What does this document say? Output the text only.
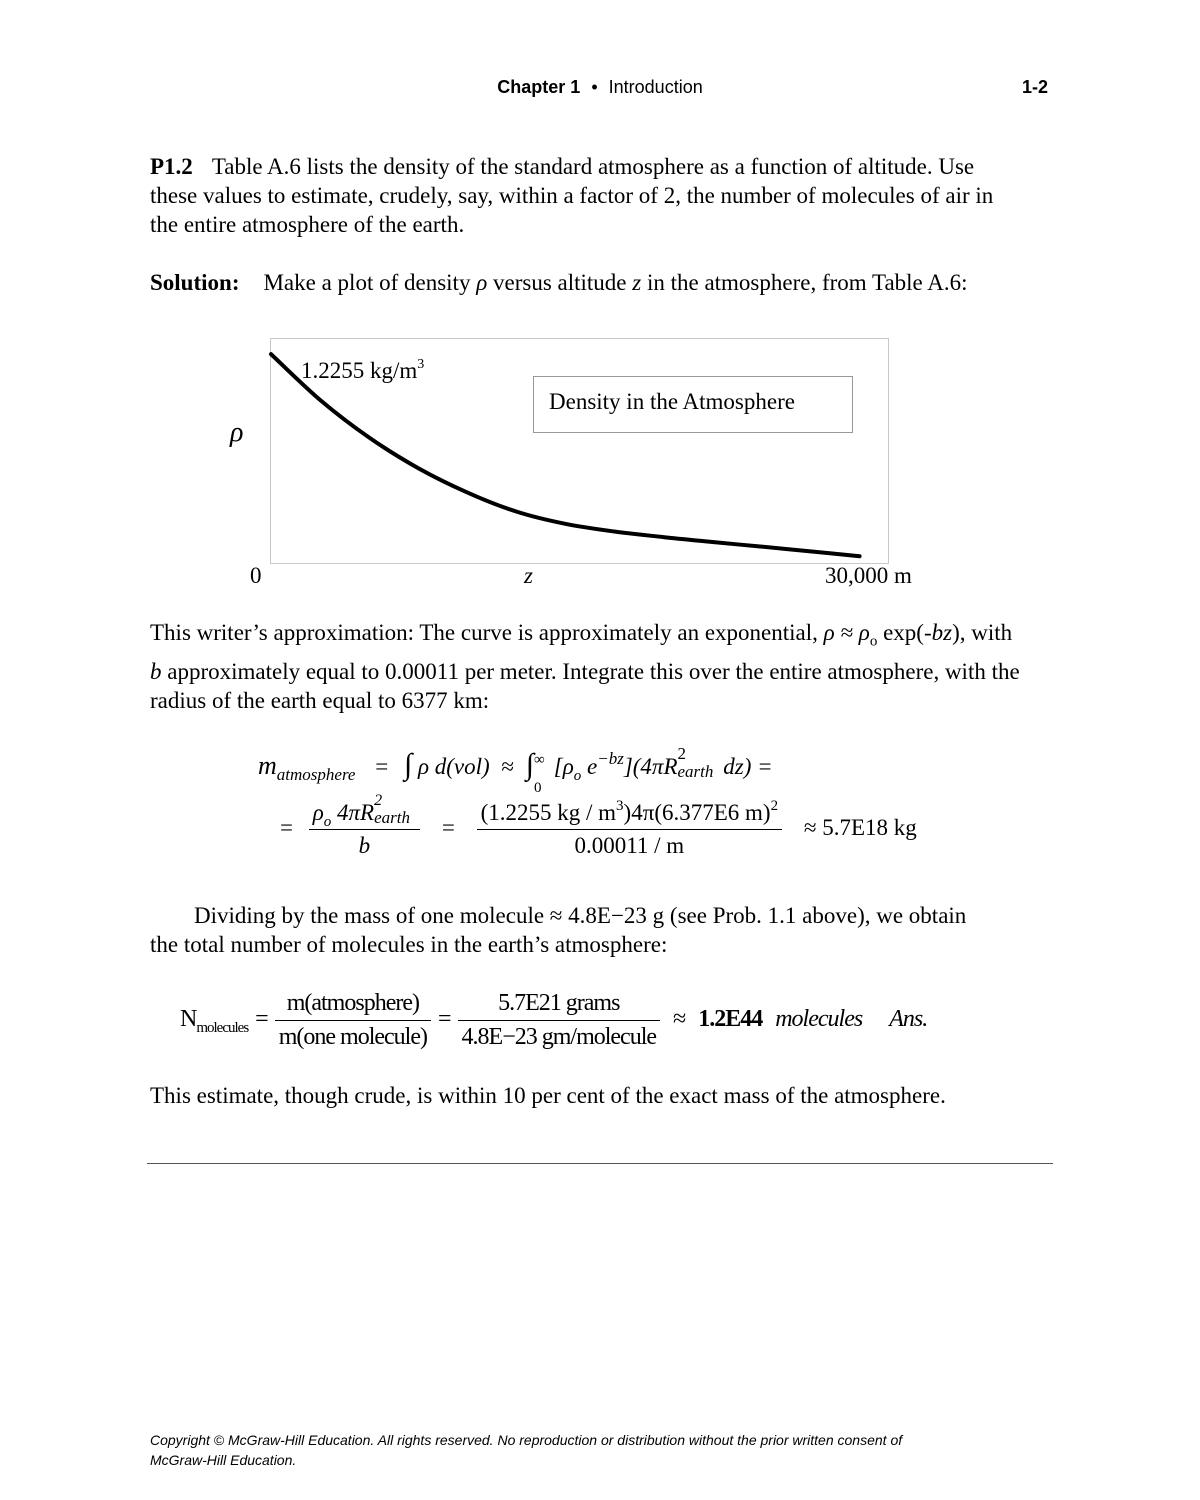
Chapter 1 • Introduction	1-2
P1.2 Table A.6 lists the density of the standard atmosphere as a function of altitude. Use
these values to estimate, crudely, say, within a factor of 2, the number of molecules of air in
the entire atmosphere of the earth.
Solution: Make a plot of density ρ versus altitude z in the atmosphere, from Table A.6:
Density in the Atmosphere
1.2255 $kg/m^3$
ρ
0	z	30,000 m
This writer’s approximation: The curve is approximately an exponential, $\rho \approx \rho_o$ exp(-bz), with
b approximately equal to 0.00011 per meter. Integrate this over the entire atmosphere, with the
radius of the earth equal to 6377 km:
$m_{atmosphere}$ = ∫ ρ d(vol) ≈ ∫ ∞
0
[$\rho_o$ $e^{-bz}](4\pi R$
2
earth dz) =
= $\rho_o$ 4πR 2
earth
$b = \frac{(1.2255 kg / m^3)4\pi(6.377E6 m)^2}{0.00011 / m} \approx 5.7E18$ kg
Dividing by the mass of one molecule ≈ 4.8E−23 g (see Prob. 1.1 above), we obtain
the total number of molecules in the earth’s atmosphere:
$N_{molecules} = \frac{\text{m(atmosphere)}}{\text{m(one molecule)}} = \frac{\text{5.7E21 grams}}{\text{4.8E−23 gm/molecule}} \approx 1.2E44$ molecules Ans.
This estimate, though crude, is within 10 per cent of the exact mass of the atmosphere.
Copyright © McGraw-Hill Education. All rights reserved. No reproduction or distribution without the prior written consent of
McGraw-Hill Education.
